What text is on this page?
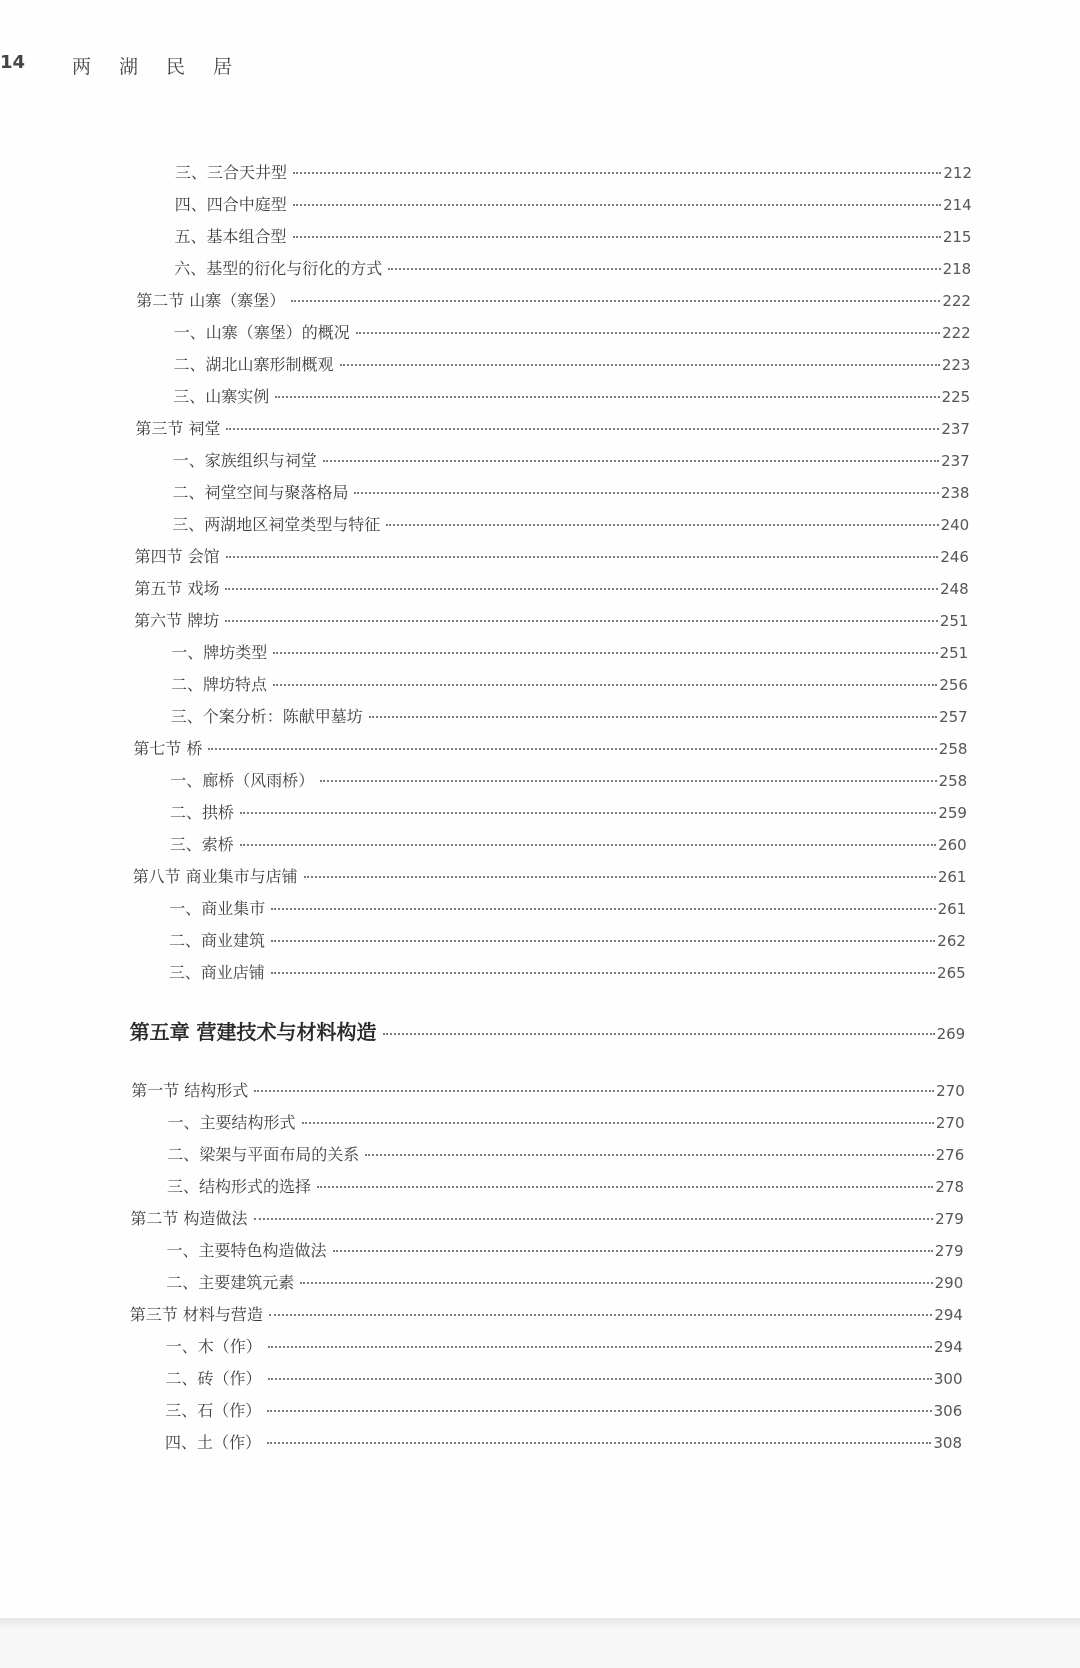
14 两湖民居
三、三合天井型	212
四、四合中庭型	214
五、基本组合型	215
六、基型的衍化与衍化的方式	218
第二节 山寨（寨堡）	222
一、山寨（寨堡）的概况	222
二、湖北山寨形制概观	223
三、山寨实例	225
第三节 祠堂	237
一、家族组织与祠堂	237
二、祠堂空间与聚落格局	238
三、两湖地区祠堂类型与特征	240
第四节 会馆	246
第五节 戏场	248
第六节 牌坊	251
一、牌坊类型	251
二、牌坊特点	256
三、个案分析：陈献甲墓坊	257
第七节 桥	258
一、廊桥（风雨桥）	258
二、拱桥	259
三、索桥	260
第八节 商业集市与店铺	261
一、商业集市	261
二、商业建筑	262
三、商业店铺	265
第五章 营建技术与材料构造	269
第一节 结构形式	270
一、主要结构形式	270
二、梁架与平面布局的关系	276
三、结构形式的选择	278
第二节 构造做法	279
一、主要特色构造做法	279
二、主要建筑元素	290
第三节 材料与营造	294
一、木（作）	294
二、砖（作）	300
三、石（作）	306
四、土（作）	308
